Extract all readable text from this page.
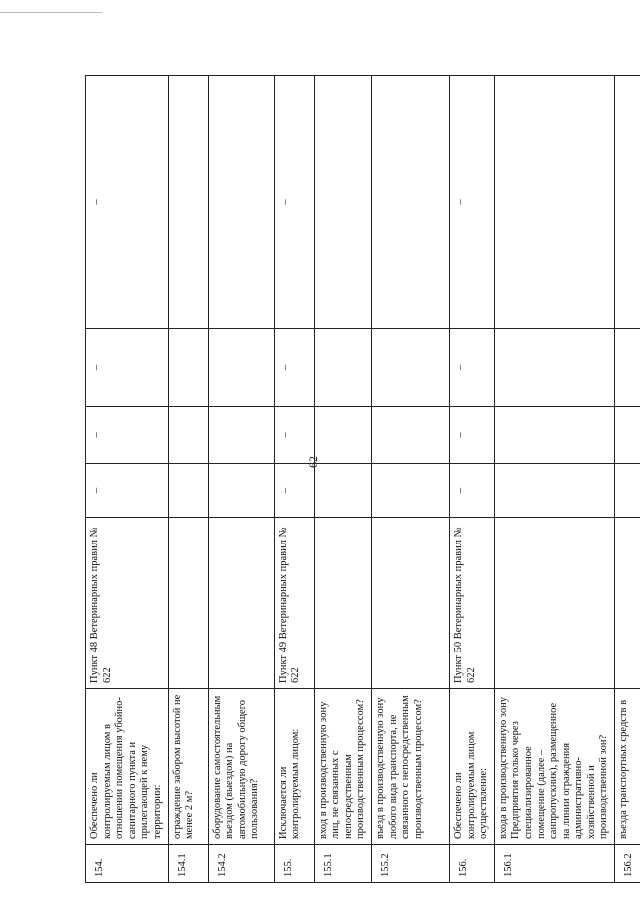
62
154.	Обеспечено ли контролируемым лицом в отношении помещения убойно-санитарного пункта и прилегающей к нему территории:	Пункт 48 Ветеринарных правил № 622	–	–	–	–
154.1	ограждение забором высотой не менее 2 м?					
154.2	оборудование самостоятельным въездом (выездом) на автомобильную дорогу общего пользования?					
155.	Исключается ли контролируемым лицом:	Пункт 49 Ветеринарных правил № 622	–	–	–	–
155.1	вход в производственную зону лиц, не связанных с непосредственным производственным процессом?					
155.2	въезд в производственную зону любого вида транспорта, не связанного с непосредственным производственным процессом?					
156.	Обеспечено ли контролируемым лицом осуществление:	Пункт 50 Ветеринарных правил № 622	–	–	–	–
156.1	входа в производственную зону Предприятия только через специализированное помещение (далее – санпропускник), размещенное на линии ограждения административно-хозяйственной и производственной зон?					
156.2	въезда транспортных средств в					
